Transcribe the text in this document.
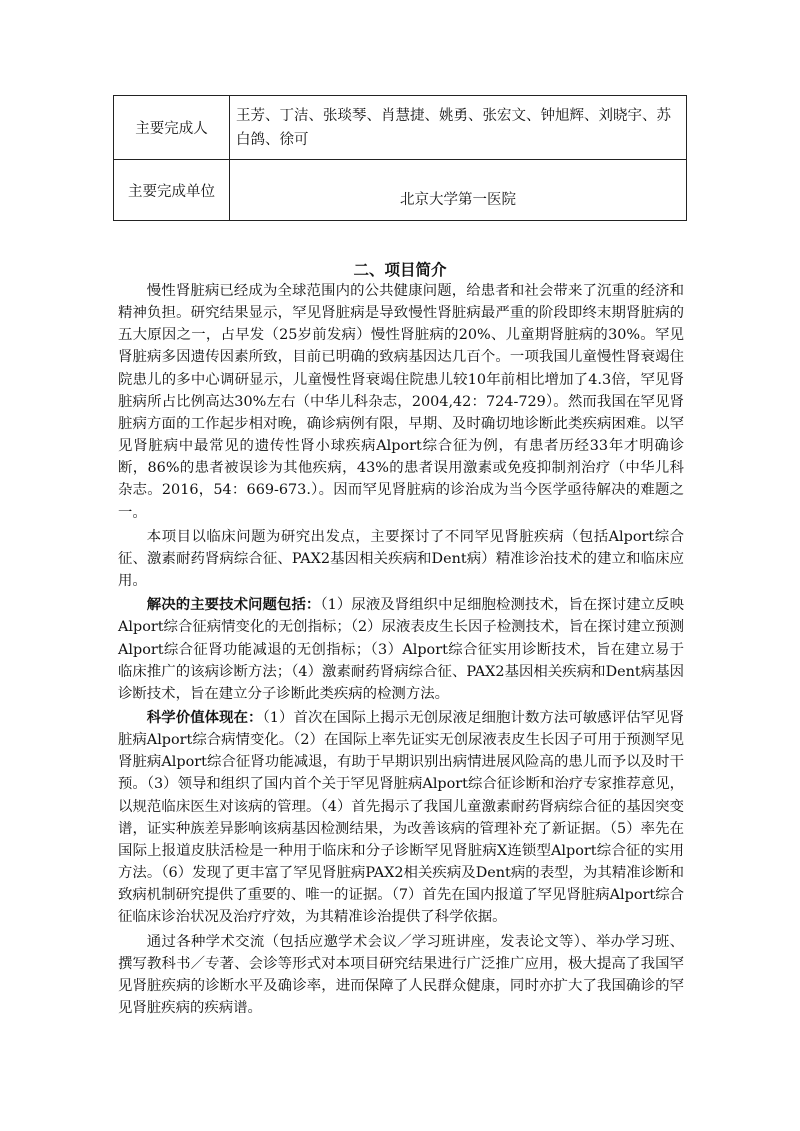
主要完成人	王芳、丁洁、张琰琴、肖慧捷、姚勇、张宏文、钟旭辉、刘晓宇、苏白鸽、徐可
主要完成单位	北京大学第一医院
二、项目简介

慢性肾脏病已经成为全球范围内的公共健康问题，给患者和社会带来了沉重的经济和精神负担。研究结果显示，罕见肾脏病是导致慢性肾脏病最严重的阶段即终末期肾脏病的五大原因之一，占早发（25岁前发病）慢性肾脏病的20%、儿童期肾脏病的30%。罕见肾脏病多因遗传因素所致，目前已明确的致病基因达几百个。一项我国儿童慢性肾衰竭住院患儿的多中心调研显示，儿童慢性肾衰竭住院患儿较10年前相比增加了4.3倍，罕见肾脏病所占比例高达30%左右（中华儿科杂志，2004,42：724-729）。然而我国在罕见肾脏病方面的工作起步相对晚，确诊病例有限，早期、及时确切地诊断此类疾病困难。以罕见肾脏病中最常见的遗传性肾小球疾病Alport综合征为例，有患者历经33年才明确诊断，86%的患者被误诊为其他疾病，43%的患者误用激素或免疫抑制剂治疗（中华儿科杂志。2016，54：669-673.）。因而罕见肾脏病的诊治成为当今医学亟待解决的难题之一。

本项目以临床问题为研究出发点，主要探讨了不同罕见肾脏疾病（包括Alport综合征、激素耐药肾病综合征、PAX2基因相关疾病和Dent病）精准诊治技术的建立和临床应用。

解决的主要技术问题包括：（1）尿液及肾组织中足细胞检测技术，旨在探讨建立反映Alport综合征病情变化的无创指标；（2）尿液表皮生长因子检测技术，旨在探讨建立预测Alport综合征肾功能减退的无创指标；（3）Alport综合征实用诊断技术，旨在建立易于临床推广的该病诊断方法；（4）激素耐药肾病综合征、PAX2基因相关疾病和Dent病基因诊断技术，旨在建立分子诊断此类疾病的检测方法。

科学价值体现在：（1）首次在国际上揭示无创尿液足细胞计数方法可敏感评估罕见肾脏病Alport综合病情变化。（2）在国际上率先证实无创尿液表皮生长因子可用于预测罕见肾脏病Alport综合征肾功能减退，有助于早期识别出病情进展风险高的患儿而予以及时干预。（3）领导和组织了国内首个关于罕见肾脏病Alport综合征诊断和治疗专家推荐意见，以规范临床医生对该病的管理。（4）首先揭示了我国儿童激素耐药肾病综合征的基因突变谱，证实种族差异影响该病基因检测结果，为改善该病的管理补充了新证据。（5）率先在国际上报道皮肤活检是一种用于临床和分子诊断罕见肾脏病X连锁型Alport综合征的实用方法。（6）发现了更丰富了罕见肾脏病PAX2相关疾病及Dent病的表型，为其精准诊断和致病机制研究提供了重要的、唯一的证据。（7）首先在国内报道了罕见肾脏病Alport综合征临床诊治状况及治疗疗效，为其精准诊治提供了科学依据。

通过各种学术交流（包括应邀学术会议／学习班讲座，发表论文等）、举办学习班、撰写教科书／专著、会诊等形式对本项目研究结果进行广泛推广应用，极大提高了我国罕见肾脏疾病的诊断水平及确诊率，进而保障了人民群众健康，同时亦扩大了我国确诊的罕见肾脏疾病的疾病谱。
